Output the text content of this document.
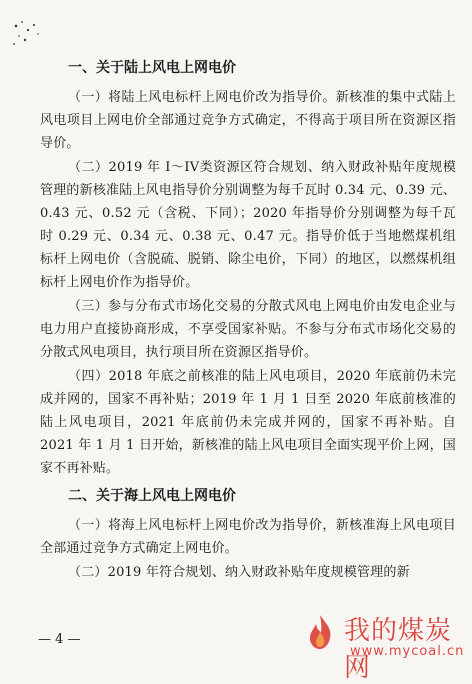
一、关于陆上风电上网电价

（一）将陆上风电标杆上网电价改为指导价。新核准的集中式陆上风电项目上网电价全部通过竞争方式确定，不得高于项目所在资源区指导价。

（二）2019 年 I～IV类资源区符合规划、纳入财政补贴年度规模管理的新核准陆上风电指导价分别调整为每千瓦时 0.34 元、0.39 元、0.43 元、0.52 元（含税、下同）；2020 年指导价分别调整为每千瓦时 0.29 元、0.34 元、0.38 元、0.47 元。指导价低于当地燃煤机组标杆上网电价（含脱硫、脱销、除尘电价，下同）的地区，以燃煤机组标杆上网电价作为指导价。

（三）参与分布式市场化交易的分散式风电上网电价由发电企业与电力用户直接协商形成，不享受国家补贴。不参与分布式市场化交易的分散式风电项目，执行项目所在资源区指导价。

（四）2018 年底之前核准的陆上风电项目，2020 年底前仍未完成并网的，国家不再补贴；2019 年 1 月 1 日至 2020 年底前核准的陆上风电项目，2021 年底前仍未完成并网的，国家不再补贴。自 2021 年 1 月 1 日开始，新核准的陆上风电项目全面实现平价上网，国家不再补贴。

二、关于海上风电上网电价

（一）将海上风电标杆上网电价改为指导价，新核准海上风电项目全部通过竞争方式确定上网电价。

（二）2019 年符合规划、纳入财政补贴年度规模管理的新

— 4 —	我的煤炭网
www.mycoal.cn
